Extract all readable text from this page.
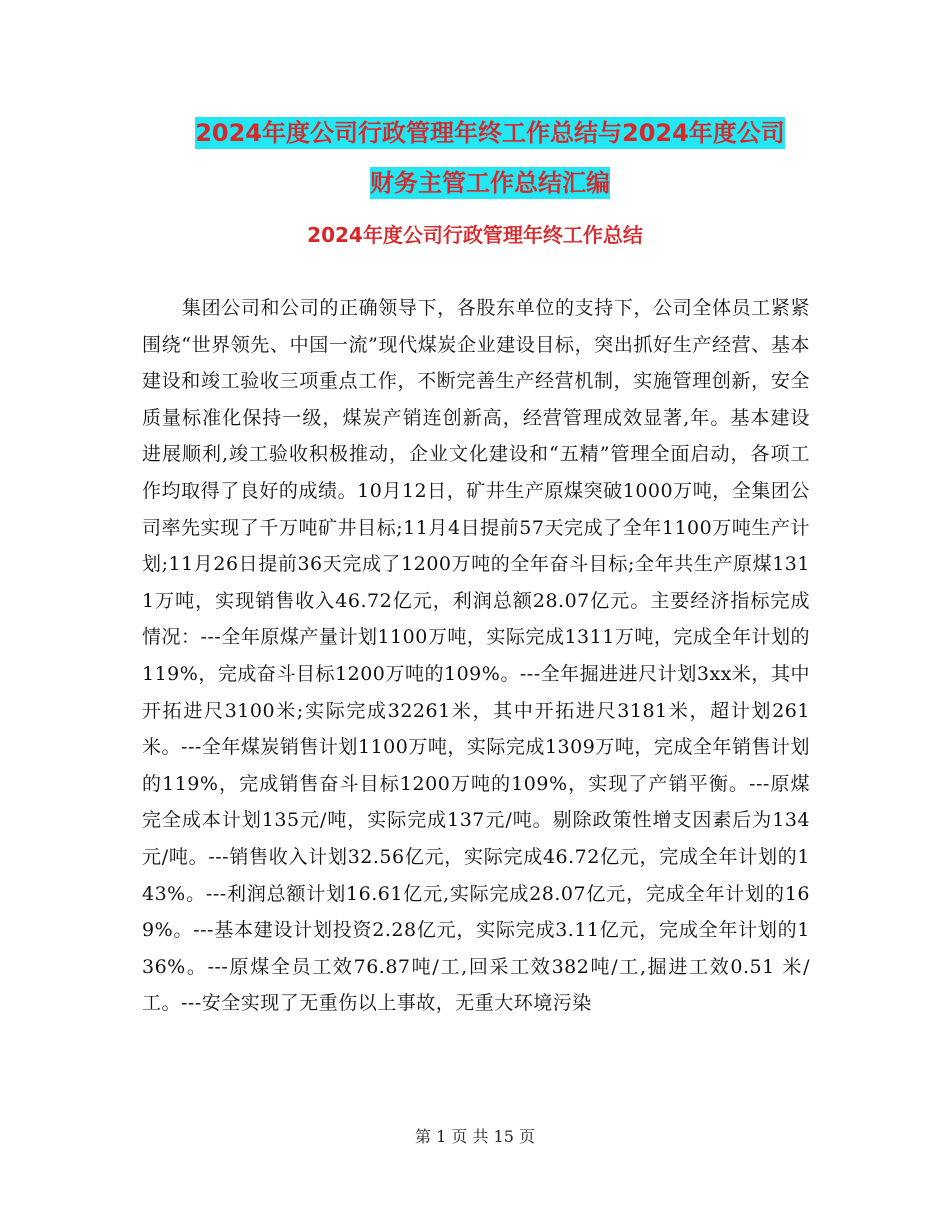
2024年度公司行政管理年终工作总结与2024年度公司
财务主管工作总结汇编
2024年度公司行政管理年终工作总结

集团公司和公司的正确领导下，各股东单位的支持下，公司全体员工紧紧围绕“世界领先、中国一流”现代煤炭企业建设目标，突出抓好生产经营、基本建设和竣工验收三项重点工作，不断完善生产经营机制，实施管理创新，安全质量标准化保持一级，煤炭产销连创新高，经营管理成效显著,年。基本建设进展顺利,竣工验收积极推动，企业文化建设和“五精”管理全面启动，各项工作均取得了良好的成绩。10月12日，矿井生产原煤突破1000万吨，全集团公司率先实现了千万吨矿井目标;11月4日提前57天完成了全年1100万吨生产计划;11月26日提前36天完成了1200万吨的全年奋斗目标;全年共生产原煤1311万吨，实现销售收入46.72亿元，利润总额28.07亿元。主要经济指标完成情况：---全年原煤产量计划1100万吨，实际完成1311万吨，完成全年计划的119%，完成奋斗目标1200万吨的109%。---全年掘进进尺计划3xx米，其中开拓进尺3100米;实际完成32261米，其中开拓进尺3181米，超计划261米。---全年煤炭销售计划1100万吨，实际完成1309万吨，完成全年销售计划的119%，完成销售奋斗目标1200万吨的109%，实现了产销平衡。---原煤完全成本计划135元/吨，实际完成137元/吨。剔除政策性增支因素后为134元/吨。---销售收入计划32.56亿元，实际完成46.72亿元，完成全年计划的143%。---利润总额计划16.61亿元,实际完成28.07亿元，完成全年计划的169%。---基本建设计划投资2.28亿元，实际完成3.11亿元，完成全年计划的136%。---原煤全员工效76.87吨/工,回采工效382吨/工,掘进工效0.51 米/工。---安全实现了无重伤以上事故，无重大环境污染

第 1 页 共 15 页
